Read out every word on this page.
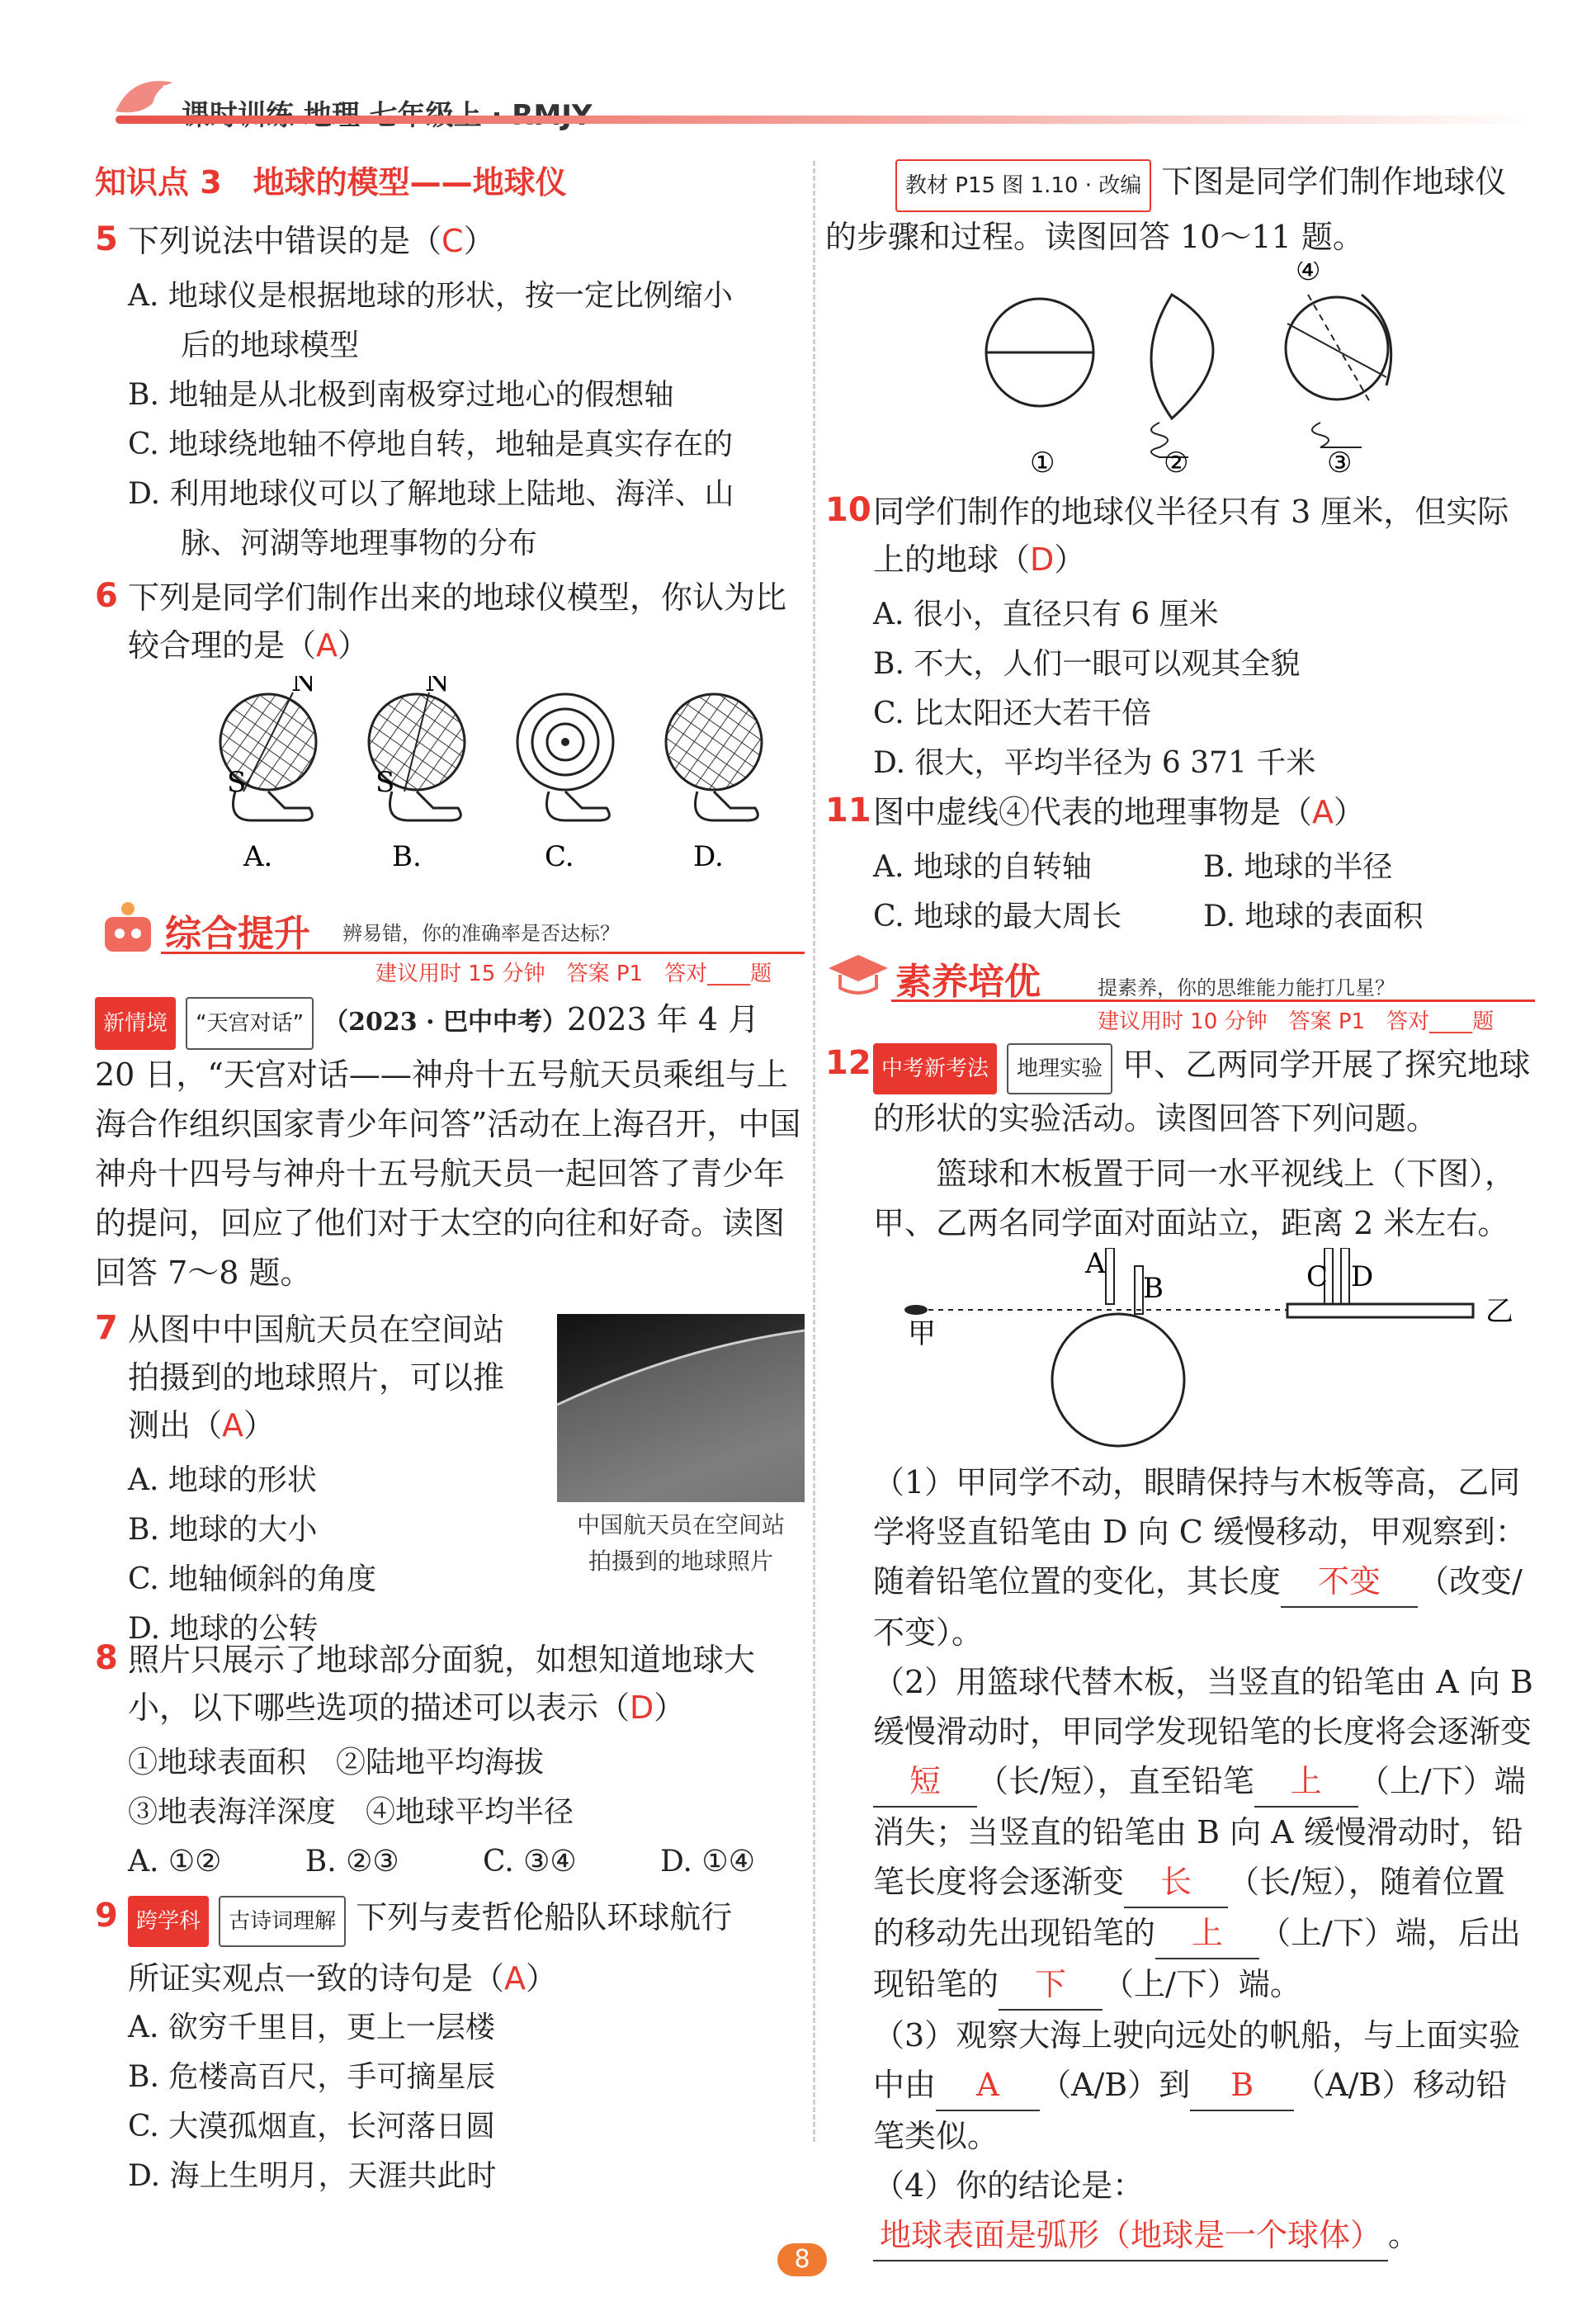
知识点 3　地球的模型——地球仪
5 下列说法中错误的是（C）
A. 地球仪是根据地球的形状，按一定比例缩小
后的地球模型
B. 地轴是从北极到南极穿过地心的假想轴
C. 地球绕地轴不停地自转，地轴是真实存在的
D. 利用地球仪可以了解地球上陆地、海洋、山
脉、河湖等地理事物的分布
6 下列是同学们制作出来的地球仪模型，你认为比较合理的是（A）
N
S
A.
N
S
B.	C.	D.
综合提升 辨易错，你的准确率是否达标？
建议用时 15 分钟　答案 P1　答对____题
新情境 “天宫对话” （2023 · 巴中中考）2023 年 4 月 20 日，“天宫对话——神舟十五号航天员乘组与上海合作组织国家青少年问答”活动在上海召开，中国神舟十四号与神舟十五号航天员一起回答了青少年的提问，回应了他们对于太空的向往和好奇。读图回答 7～8 题。
7 从图中中国航天员在空间站拍摄到的地球照片，可以推测出（A）
A. 地球的形状
B. 地球的大小
C. 地轴倾斜的角度
D. 地球的公转
中国航天员在空间站
拍摄到的地球照片
8 照片只展示了地球部分面貌，如想知道地球大小，以下哪些选项的描述可以表示（D）
①地球表面积　②陆地平均海拔
③地表海洋深度　④地球平均半径
A. ①②	B. ②③	C. ③④	D. ①④
9 跨学科 古诗词理解 下列与麦哲伦船队环球航行
所证实观点一致的诗句是（A）
A. 欲穷千里目，更上一层楼
B. 危楼高百尺，手可摘星辰
C. 大漠孤烟直，长河落日圆
D. 海上生明月，天涯共此时
教材 P15 图 1.10 · 改编 下图是同学们制作地球仪的步骤和过程。读图回答 10～11 题。
①	②
④
③
10 同学们制作的地球仪半径只有 3 厘米，但实际上的地球（D）
A. 很小，直径只有 6 厘米
B. 不大，人们一眼可以观其全貌
C. 比太阳还大若干倍
D. 很大，平均半径为 6 371 千米
11 图中虚线④代表的地理事物是（A）
A. 地球的自转轴	B. 地球的半径
C. 地球的最大周长	D. 地球的表面积
素养培优	提素养，你的思维能力能打几星？
建议用时 10 分钟　答案 P1　答对____题
12 中考新考法 地理实验 甲、乙两同学开展了探究地球的形状的实验活动。读图回答下列问题。
篮球和木板置于同一水平视线上（下图），甲、乙两名同学面对面站立，距离 2 米左右。
甲
A
B	C D
乙
（1）甲同学不动，眼睛保持与木板等高，乙同学将竖直铅笔由 D 向 C 缓慢移动，甲观察到：随着铅笔位置的变化，其长度 不变 （改变/不变）。
（2）用篮球代替木板，当竖直的铅笔由 A 向 B 缓慢滑动时，甲同学发现铅笔的长度将会逐渐变短 （长/短），直至铅笔 上 （上/下）端消失；当竖直的铅笔由 B 向 A 缓慢滑动时，铅笔长度将会逐渐变 长 （长/短），随着位置的移动先出现铅笔的 上 （上/下）端，后出现铅笔的 下 （上/下）端。
（3）观察大海上驶向远处的帆船，与上面实验中由 A （A/B）到 B （A/B）移动铅笔类似。
（4）你的结论是：地球表面是弧形（地球是一个球体） 。
8
